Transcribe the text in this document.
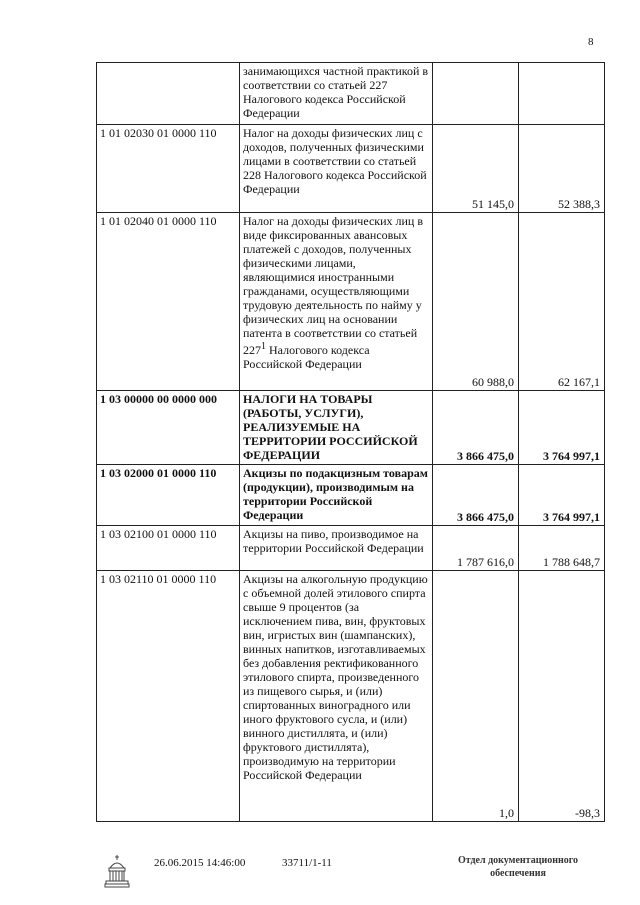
8
	занимающихся частной практикой в соответствии со статьей 227 Налогового кодекса Российской Федерации		
1 01 02030 01 0000 110	Налог на доходы физических лиц с доходов, полученных физическими лицами в соответствии со статьей 228 Налогового кодекса Российской Федерации	51 145,0	52 388,3
1 01 02040 01 0000 110	Налог на доходы физических лиц в виде фиксированных авансовых платежей с доходов, полученных физическими лицами, являющимися иностранными гражданами, осуществляющими трудовую деятельность по найму у физических лиц на основании патента в соответствии со статьей $227^1$ Налогового кодекса Российской Федерации	60 988,0	62 167,1
1 03 00000 00 0000 000	НАЛОГИ НА ТОВАРЫ (РАБОТЫ, УСЛУГИ), РЕАЛИЗУЕМЫЕ НА ТЕРРИТОРИИ РОССИЙСКОЙ ФЕДЕРАЦИИ	3 866 475,0	3 764 997,1
1 03 02000 01 0000 110	Акцизы по подакцизным товарам (продукции), производимым на территории Российской Федерации	3 866 475,0	3 764 997,1
1 03 02100 01 0000 110	Акцизы на пиво, производимое на территории Российской Федерации	1 787 616,0	1 788 648,7
1 03 02110 01 0000 110	Акцизы на алкогольную продукцию с объемной долей этилового спирта свыше 9 процентов (за исключением пива, вин, фруктовых вин, игристых вин (шампанских), винных напитков, изготавливаемых без добавления ректификованного этилового спирта, произведенного из пищевого сырья, и (или) спиртованных виноградного или иного фруктового сусла, и (или) винного дистиллята, и (или) фруктового дистиллята), производимую на территории Российской Федерации	1,0	-98,3
26.06.2015 14:46:00	33711/1-11	Отдел документационного
обеспечения
